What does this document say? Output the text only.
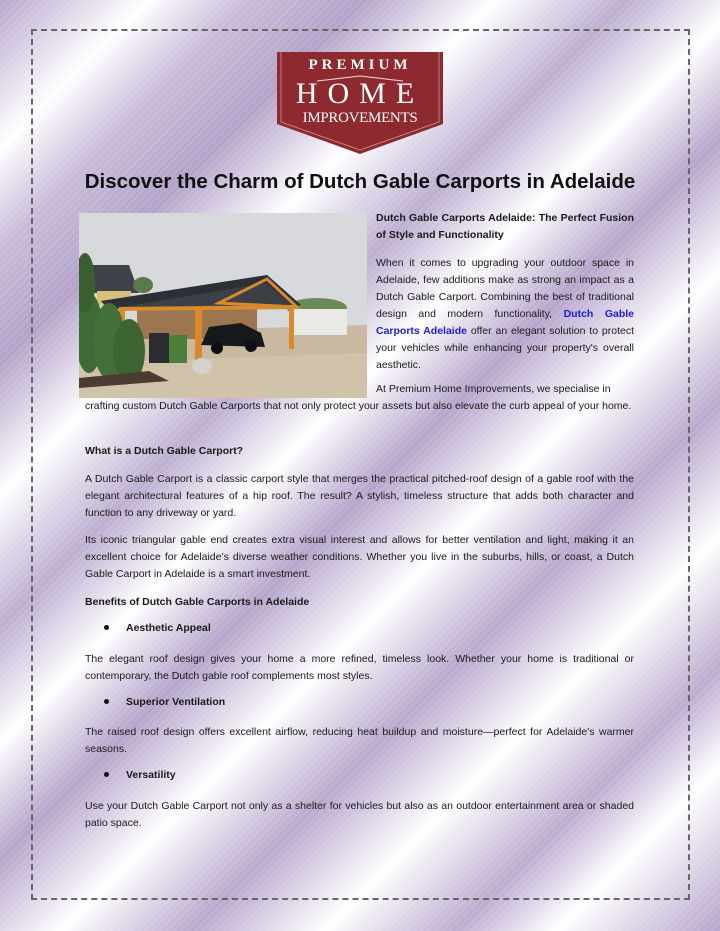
PREMIUM
HOME
IMPROVEMENTS
Discover the Charm of Dutch Gable Carports in Adelaide
Dutch Gable Carports Adelaide: The Perfect Fusion of Style and Functionality
When it comes to upgrading your outdoor space in Adelaide, few additions make as strong an impact as a Dutch Gable Carport. Combining the best of traditional design and modern functionality, Dutch Gable Carports Adelaide offer an elegant solution to protect your vehicles while enhancing your property's overall aesthetic.
At Premium Home Improvements, we specialise in
crafting custom Dutch Gable Carports that not only protect your assets but also elevate the curb appeal of your home.
What is a Dutch Gable Carport?
A Dutch Gable Carport is a classic carport style that merges the practical pitched-roof design of a gable roof with the elegant architectural features of a hip roof. The result? A stylish, timeless structure that adds both character and function to any driveway or yard.
Its iconic triangular gable end creates extra visual interest and allows for better ventilation and light, making it an excellent choice for Adelaide’s diverse weather conditions. Whether you live in the suburbs, hills, or coast, a Dutch Gable Carport in Adelaide is a smart investment.
Benefits of Dutch Gable Carports in Adelaide
Aesthetic Appeal
The elegant roof design gives your home a more refined, timeless look. Whether your home is traditional or contemporary, the Dutch gable roof complements most styles.
Superior Ventilation
The raised roof design offers excellent airflow, reducing heat buildup and moisture—perfect for Adelaide's warmer seasons.
Versatility
Use your Dutch Gable Carport not only as a shelter for vehicles but also as an outdoor entertainment area or shaded patio space.
